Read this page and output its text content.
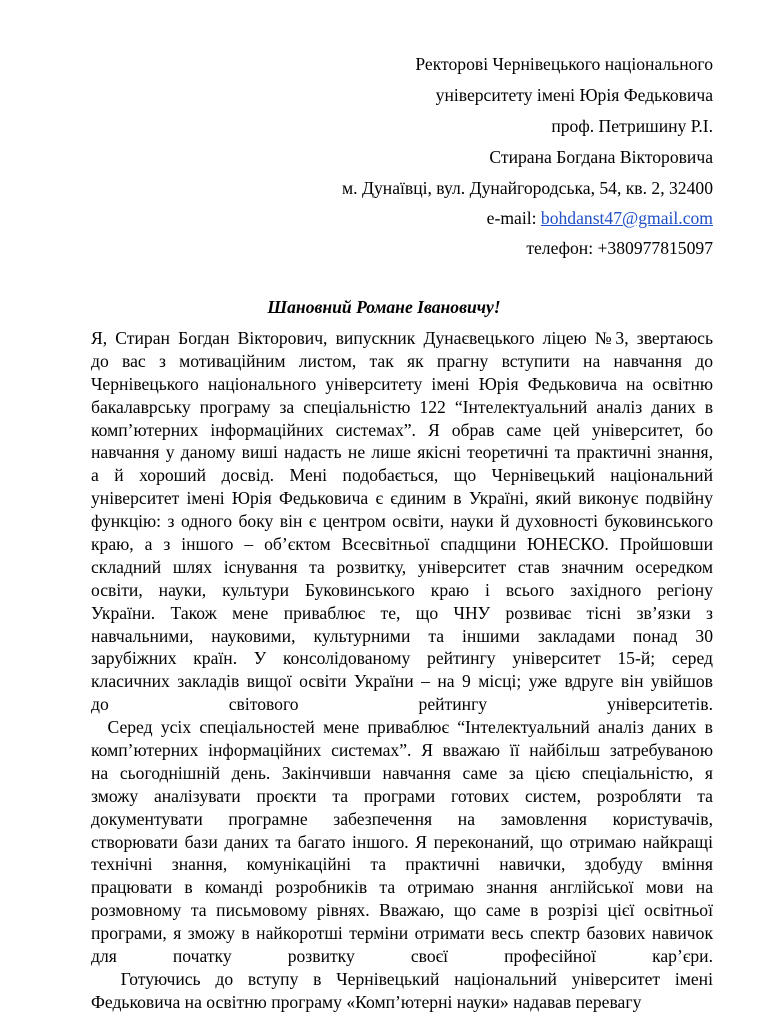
Ректорові Чернівецького національного
університету імені Юрія Федьковича
проф. Петришину Р.І.
Стирана Богдана Вікторовича
м. Дунаївці, вул. Дунайгородська, 54, кв. 2, 32400
e-mail: bohdanst47@gmail.com
телефон: +380977815097
Шановний Романе Івановичу!
Я, Стиран Богдан Вікторович, випускник Дунаєвецького ліцею №3, звертаюсь
до вас з мотиваційним листом, так як прагну вступити на навчання до
Чернівецького національного університету імені Юрія Федьковича на освітню
бакалаврську програму за спеціальністю 122 “Інтелектуальний аналіз даних в
комп’ютерних інформаційних системах”. Я обрав саме цей університет, бо
навчання у даному виші надасть не лише якісні теоретичні та практичні знання,
а й хороший досвід. Мені подобається, що Чернівецький національний
університет імені Юрія Федьковича є єдиним в Україні, який виконує подвійну
функцію: з одного боку він є центром освіти, науки й духовності буковинського
краю, а з іншого – об’єктом Всесвітньої спадщини ЮНЕСКО. Пройшовши
складний шлях існування та розвитку, університет став значним осередком
освіти, науки, культури Буковинського краю і всього західного регіону
України. Також мене приваблює те, що ЧНУ розвиває тісні зв’язки з
навчальними, науковими, культурними та іншими закладами понад 30
зарубіжних країн. У консолідованому рейтингу університет 15-й; серед
класичних закладів вищої освіти України – на 9 місці; уже вдруге він увійшов
до світового рейтингу університетів.
Серед усіх спеціальностей мене приваблює “Інтелектуальний аналіз даних в
комп’ютерних інформаційних системах”. Я вважаю її найбільш затребуваною
на сьогоднішній день. Закінчивши навчання саме за цією спеціальністю, я
зможу аналізувати проєкти та програми готових систем, розробляти та
документувати програмне забезпечення на замовлення користувачів,
створювати бази даних та багато іншого. Я переконаний, що отримаю найкращі
технічні знання, комунікаційні та практичні навички, здобуду вміння
працювати в команді розробників та отримаю знання англійської мови на
розмовному та письмовому рівнях. Вважаю, що саме в розрізі цієї освітньої
програми, я зможу в найкоротші терміни отримати весь спектр базових навичок
для початку розвитку своєї професійної кар’єри.
Готуючись до вступу в Чернівецький національний університет імені
Федьковича на освітню програму «Комп’ютерні науки» надавав перевагу
